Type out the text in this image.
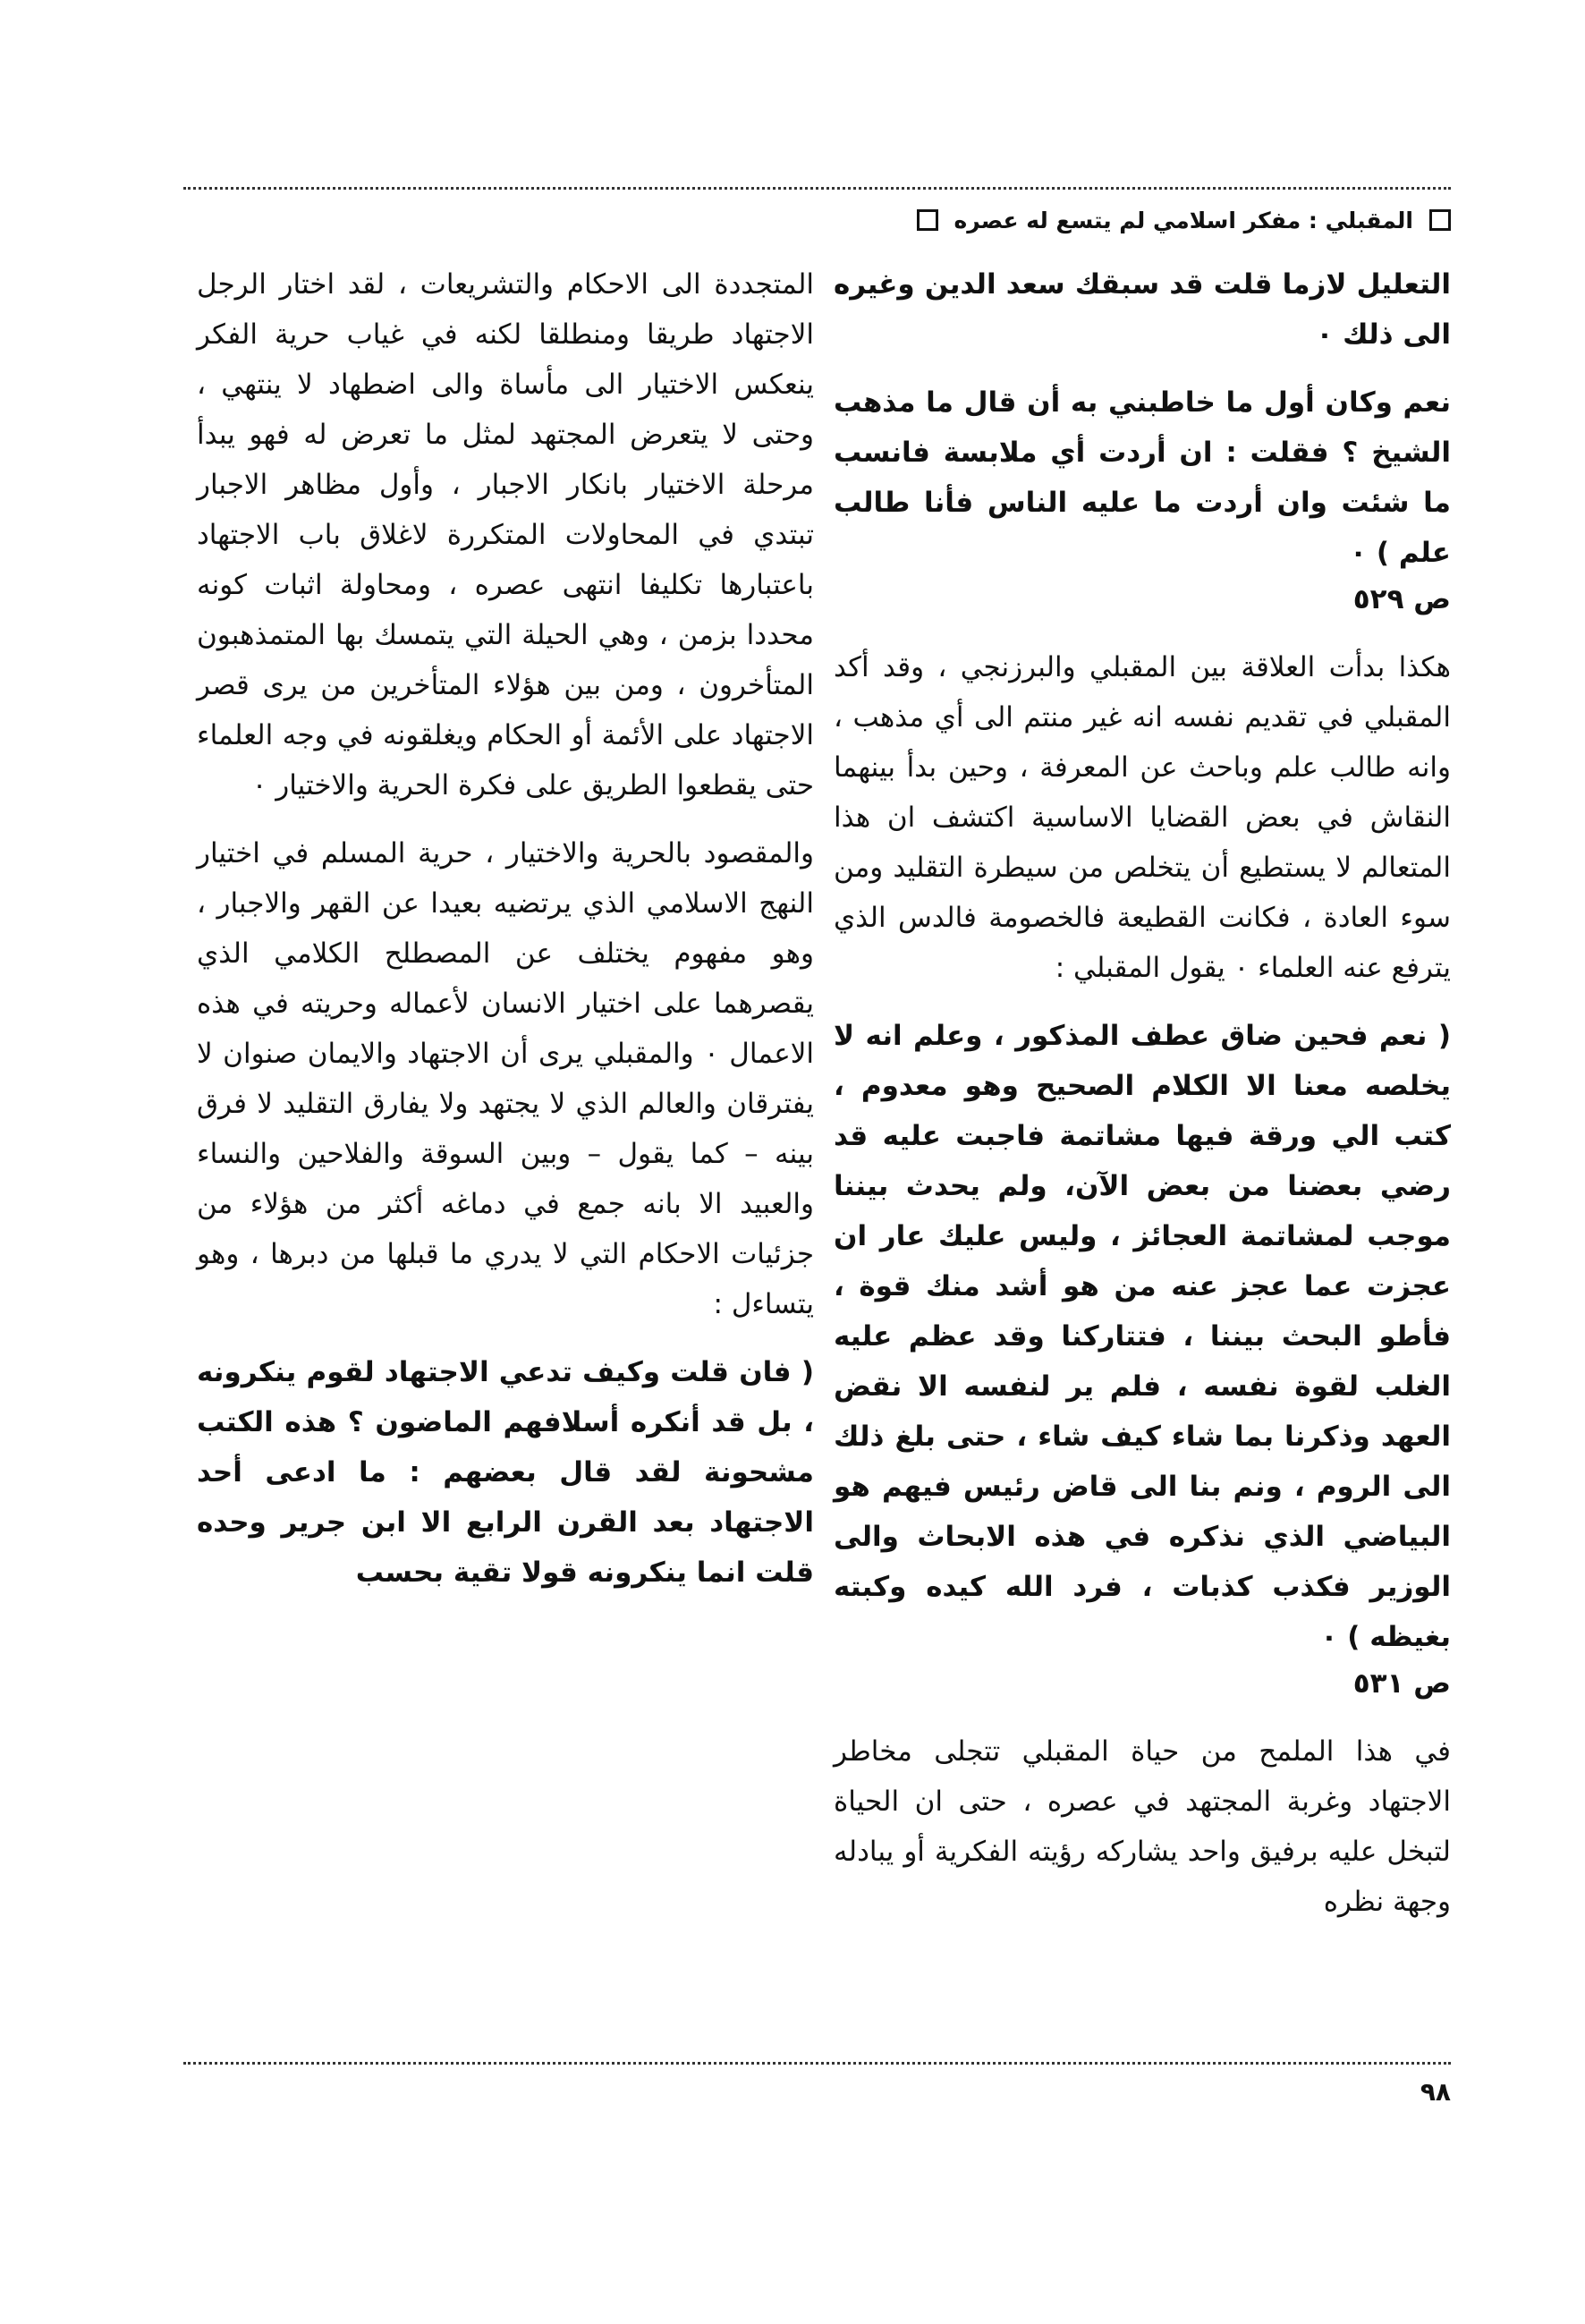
المقبلي : مفكر اسلامي لم يتسع له عصره

التعليل لازما قلت قد سبقك سعد الدين وغيره الى ذلك ٠

نعم وكان أول ما خاطبني به أن قال ما مذهب الشيخ ؟ فقلت : ان أردت أي ملابسة فانسب ما شئت وان أردت ما عليه الناس فأنا طالب علم ) ٠
ص ٥٢٩

هكذا بدأت العلاقة بين المقبلي والبرزنجي ، وقد أكد المقبلي في تقديم نفسه انه غير منتم الى أي مذهب ، وانه طالب علم وباحث عن المعرفة ، وحين بدأ بينهما النقاش في بعض القضايا الاساسية اكتشف ان هذا المتعالم لا يستطيع أن يتخلص من سيطرة التقليد ومن سوء العادة ، فكانت القطيعة فالخصومة فالدس الذي يترفع عنه العلماء ٠ يقول المقبلي :

( نعم فحين ضاق عطف المذكور ، وعلم انه لا يخلصه معنا الا الكلام الصحيح وهو معدوم ، كتب الي ورقة فيها مشاتمة فاجبت عليه قد رضي بعضنا من بعض الآن، ولم يحدث بيننا موجب لمشاتمة العجائز ، وليس عليك عار ان عجزت عما عجز عنه من هو أشد منك قوة ، فأطو البحث بيننا ، فتتاركنا وقد عظم عليه الغلب لقوة نفسه ، فلم ير لنفسه الا نقض العهد وذكرنا بما شاء كيف شاء ، حتى بلغ ذلك الى الروم ، ونم بنا الى قاض رئيس فيهم هو البياضي الذي نذكره في هذه الابحاث والى الوزير فكذب كذبات ، فرد الله كيده وكبته بغيظه ) ٠
ص ٥٣١

في هذا الملمح من حياة المقبلي تتجلى مخاطر الاجتهاد وغربة المجتهد في عصره ، حتى ان الحياة لتبخل عليه برفيق واحد يشاركه رؤيته الفكرية أو يبادله وجهة نظره

المتجددة الى الاحكام والتشريعات ، لقد اختار الرجل الاجتهاد طريقا ومنطلقا لكنه في غياب حرية الفكر ينعكس الاختيار الى مأساة والى اضطهاد لا ينتهي ، وحتى لا يتعرض المجتهد لمثل ما تعرض له فهو يبدأ مرحلة الاختيار بانكار الاجبار ، وأول مظاهر الاجبار تبتدي في المحاولات المتكررة لاغلاق باب الاجتهاد باعتبارها تكليفا انتهى عصره ، ومحاولة اثبات كونه محددا بزمن ، وهي الحيلة التي يتمسك بها المتمذهبون المتأخرون ، ومن بين هؤلاء المتأخرين من يرى قصر الاجتهاد على الأئمة أو الحكام ويغلقونه في وجه العلماء حتى يقطعوا الطريق على فكرة الحرية والاختيار ٠

والمقصود بالحرية والاختيار ، حرية المسلم في اختيار النهج الاسلامي الذي يرتضيه بعيدا عن القهر والاجبار ، وهو مفهوم يختلف عن المصطلح الكلامي الذي يقصرهما على اختيار الانسان لأعماله وحريته في هذه الاعمال ٠ والمقبلي يرى أن الاجتهاد والايمان صنوان لا يفترقان والعالم الذي لا يجتهد ولا يفارق التقليد لا فرق بينه – كما يقول – وبين السوقة والفلاحين والنساء والعبيد الا بانه جمع في دماغه أكثر من هؤلاء من جزئيات الاحكام التي لا يدري ما قبلها من دبرها ، وهو يتساءل :

( فان قلت وكيف تدعي الاجتهاد لقوم ينكرونه ، بل قد أنكره أسلافهم الماضون ؟ هذه الكتب مشحونة لقد قال بعضهم : ما ادعى أحد الاجتهاد بعد القرن الرابع الا ابن جرير وحده قلت انما ينكرونه قولا تقية بحسب

٩٨
